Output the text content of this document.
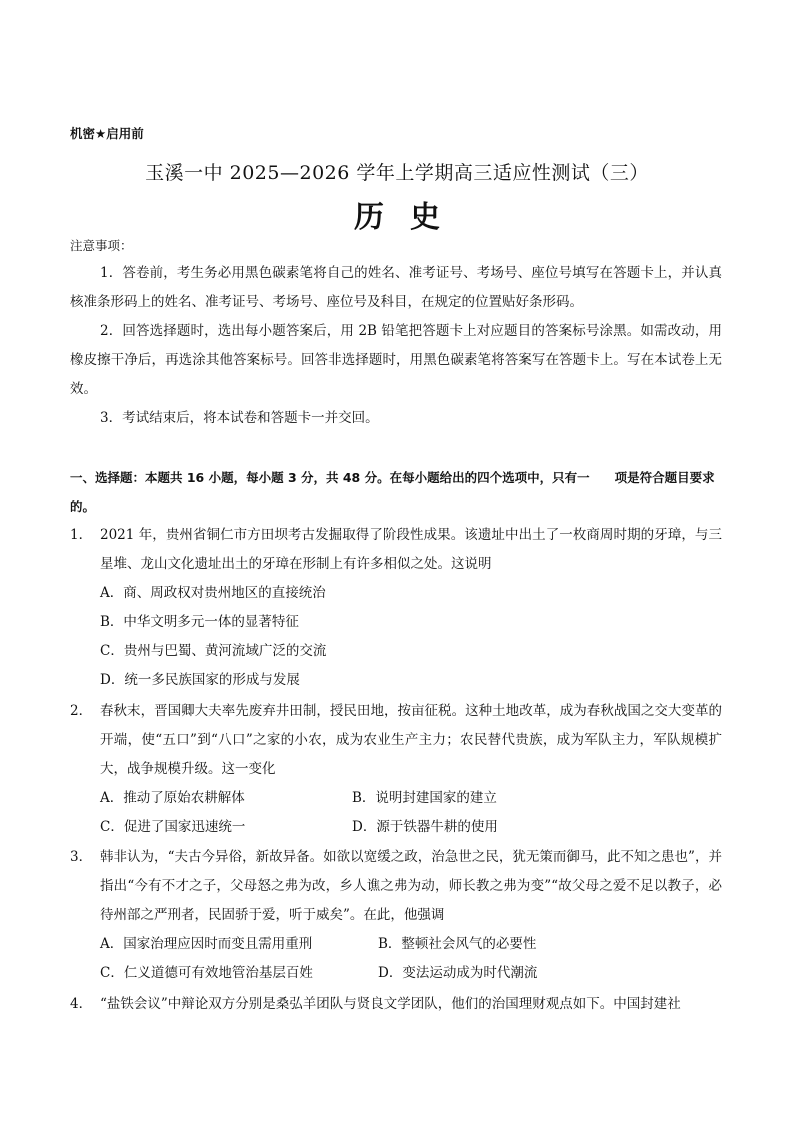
机密★启用前
玉溪一中 2025—2026 学年上学期高三适应性测试（三）
历史
注意事项：

1．答卷前，考生务必用黑色碳素笔将自己的姓名、准考证号、考场号、座位号填写在答题卡上，并认真核准条形码上的姓名、准考证号、考场号、座位号及科目，在规定的位置贴好条形码。

2．回答选择题时，选出每小题答案后，用 2B 铅笔把答题卡上对应题目的答案标号涂黑。如需改动，用橡皮擦干净后，再选涂其他答案标号。回答非选择题时，用黑色碳素笔将答案写在答题卡上。写在本试卷上无效。

3．考试结束后，将本试卷和答题卡一并交回。

一、选择题：本题共 16 小题，每小题 3 分，共 48 分。在每小题给出的四个选项中，只有一　　项是符合题目要求的。

1． 2021 年，贵州省铜仁市方田坝考古发掘取得了阶段性成果。该遗址中出土了一枚商周时期的牙璋，与三星堆、龙山文化遗址出土的牙璋在形制上有许多相似之处。这说明
A．商、周政权对贵州地区的直接统治
B．中华文明多元一体的显著特征
C．贵州与巴蜀、黄河流域广泛的交流
D．统一多民族国家的形成与发展
2． 春秋末，晋国卿大夫率先废弃井田制，授民田地，按亩征税。这种土地改革，成为春秋战国之交大变革的开端，使“五口”到“八口”之家的小农，成为农业生产主力；农民替代贵族，成为军队主力，军队规模扩大，战争规模升级。这一变化
A．推动了原始农耕解体	B．说明封建国家的建立
C．促进了国家迅速统一	D．源于铁器牛耕的使用
3． 韩非认为，“夫古今异俗，新故异备。如欲以宽缓之政，治急世之民，犹无策而御马，此不知之患也”，并指出“今有不才之子，父母怒之弗为改，乡人谯之弗为动，师长教之弗为变”“故父母之爱不足以教子，必待州部之严刑者，民固骄于爱，听于威矣”。在此，他强调
A．国家治理应因时而变且需用重刑	B．整顿社会风气的必要性
C．仁义道德可有效地管治基层百姓	D．变法运动成为时代潮流
4． “盐铁会议”中辩论双方分别是桑弘羊团队与贤良文学团队，他们的治国理财观点如下。中国封建社
